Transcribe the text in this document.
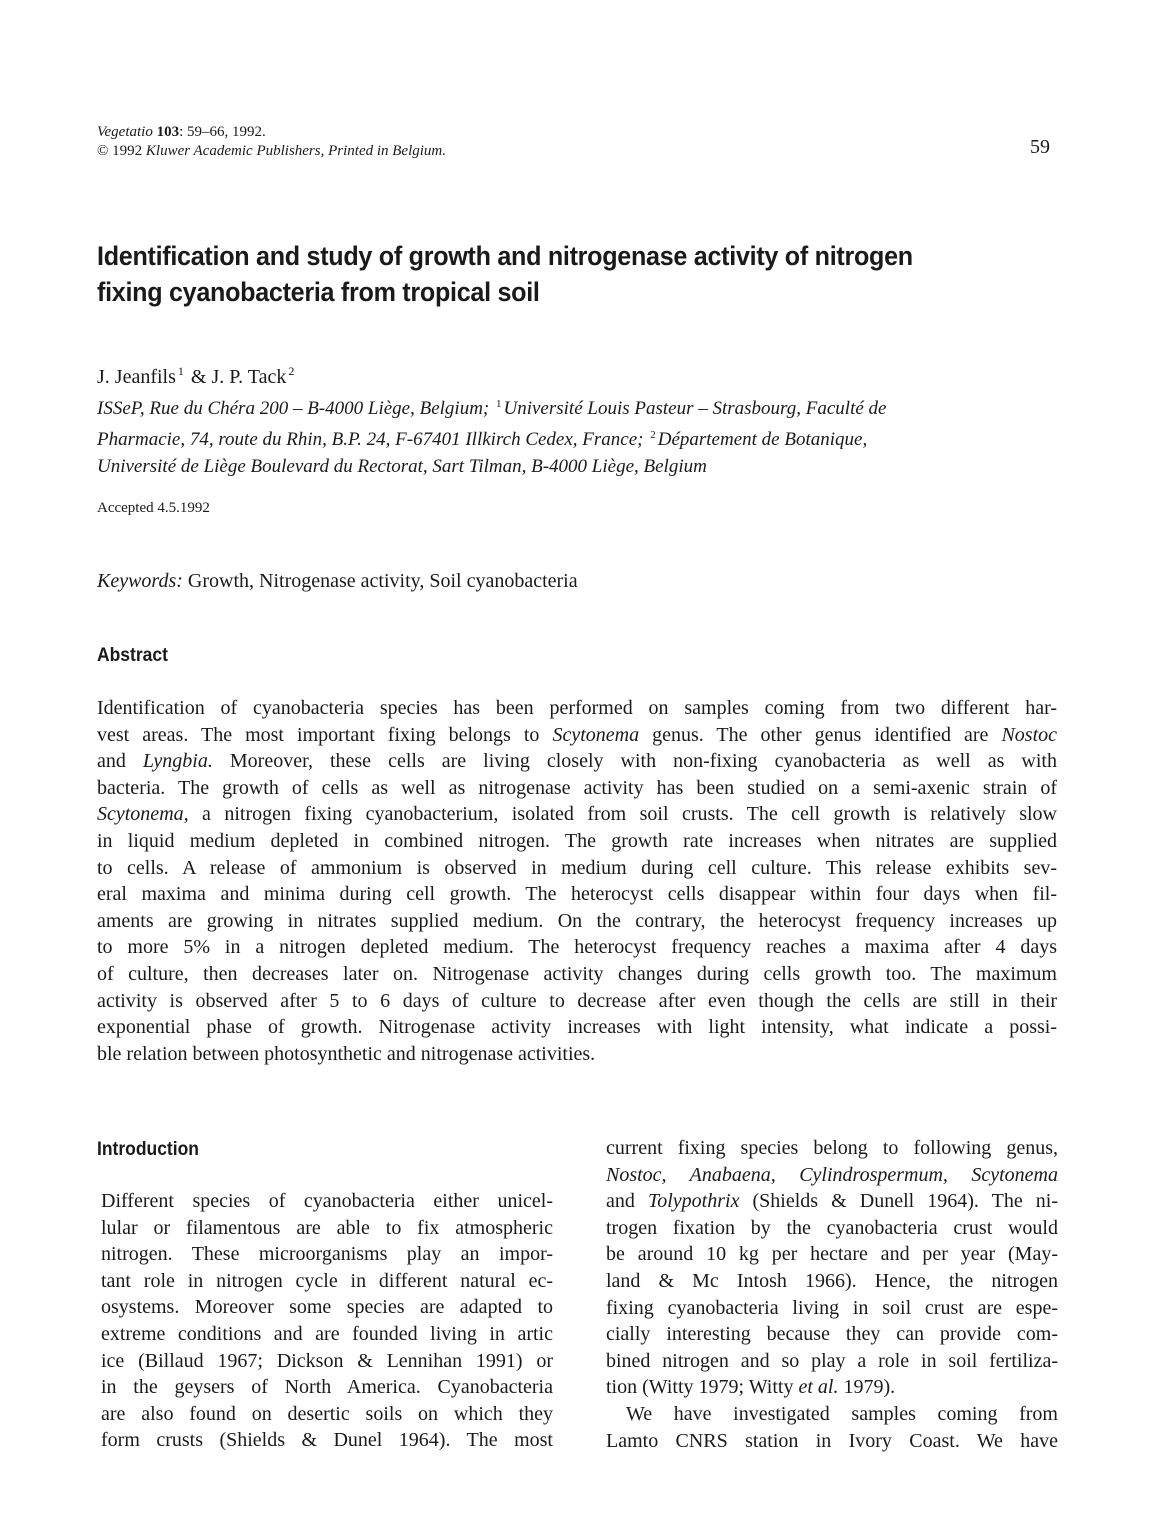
Vegetatio 103: 59–66, 1992.
© 1992 Kluwer Academic Publishers, Printed in Belgium.	59
Identification and study of growth and nitrogenase activity of nitrogen
fixing cyanobacteria from tropical soil
J. Jeanfils $^1$ & J. P. Tack $^2$
ISSeP, Rue du Chéra 200 – B-4000 Liège, Belgium; $^1$ Université Louis Pasteur – Strasbourg, Faculté de
Pharmacie, 74, route du Rhin, B.P. 24, F-67401 Illkirch Cedex, France; $^2$ Département de Botanique,
Université de Liège Boulevard du Rectorat, Sart Tilman, B-4000 Liège, Belgium
Accepted 4.5.1992
Keywords: Growth, Nitrogenase activity, Soil cyanobacteria
Abstract
Identification of cyanobacteria species has been performed on samples coming from two different har-
vest areas. The most important fixing belongs to Scytonema genus. The other genus identified are Nostoc
and Lyngbia. Moreover, these cells are living closely with non-fixing cyanobacteria as well as with
bacteria. The growth of cells as well as nitrogenase activity has been studied on a semi-axenic strain of
Scytonema, a nitrogen fixing cyanobacterium, isolated from soil crusts. The cell growth is relatively slow
in liquid medium depleted in combined nitrogen. The growth rate increases when nitrates are supplied
to cells. A release of ammonium is observed in medium during cell culture. This release exhibits sev-
eral maxima and minima during cell growth. The heterocyst cells disappear within four days when fil-
aments are growing in nitrates supplied medium. On the contrary, the heterocyst frequency increases up
to more 5% in a nitrogen depleted medium. The heterocyst frequency reaches a maxima after 4 days
of culture, then decreases later on. Nitrogenase activity changes during cells growth too. The maximum
activity is observed after 5 to 6 days of culture to decrease after even though the cells are still in their
exponential phase of growth. Nitrogenase activity increases with light intensity, what indicate a possi-
ble relation between photosynthetic and nitrogenase activities.
Introduction
Different species of cyanobacteria either unicel-
lular or filamentous are able to fix atmospheric
nitrogen. These microorganisms play an impor-
tant role in nitrogen cycle in different natural ec-
osystems. Moreover some species are adapted to
extreme conditions and are founded living in artic
ice (Billaud 1967; Dickson & Lennihan 1991) or
in the geysers of North America. Cyanobacteria
are also found on desertic soils on which they
form crusts (Shields & Dunel 1964). The most
current fixing species belong to following genus,
Nostoc, Anabaena, Cylindrospermum, Scytonema
and Tolypothrix (Shields & Dunell 1964). The ni-
trogen fixation by the cyanobacteria crust would
be around 10 kg per hectare and per year (May-
land & Mc Intosh 1966). Hence, the nitrogen
fixing cyanobacteria living in soil crust are espe-
cially interesting because they can provide com-
bined nitrogen and so play a role in soil fertiliza-
tion (Witty 1979; Witty et al. 1979).
We have investigated samples coming from
Lamto CNRS station in Ivory Coast. We have
